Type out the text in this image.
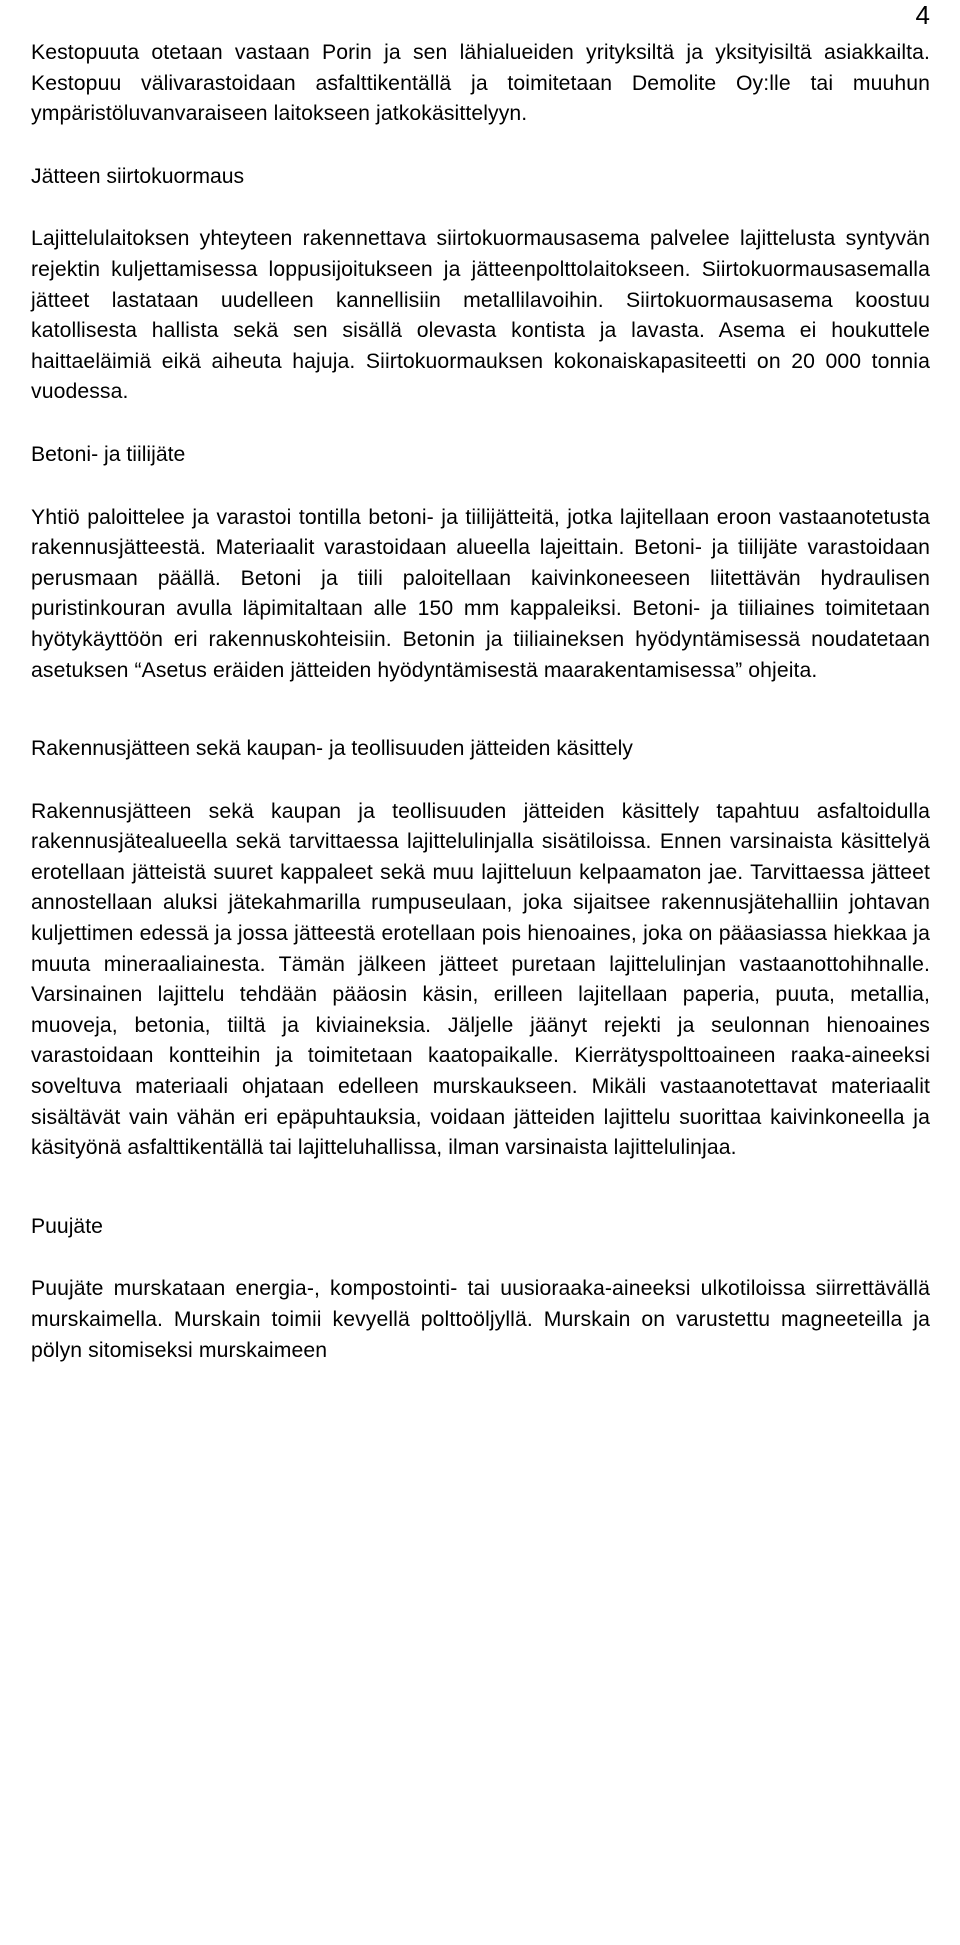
4

Kestopuuta otetaan vastaan Porin ja sen lähialueiden yrityksiltä ja yksityisiltä asiakkailta. Kestopuu välivarastoidaan asfalttikentällä ja toimitetaan Demolite Oy:lle tai muuhun ympäristöluvanvaraiseen laitokseen jatkokäsittelyyn.

Jätteen siirtokuormaus

Lajittelulaitoksen yhteyteen rakennettava siirtokuormausasema palvelee lajittelusta syntyvän rejektin kuljettamisessa loppusijoitukseen ja jätteenpolttolaitokseen. Siirtokuormausasemalla jätteet lastataan uudelleen kannellisiin metallilavoihin. Siirtokuormausasema koostuu katollisesta hallista sekä sen sisällä olevasta kontista ja lavasta. Asema ei houkuttele haittaeläimiä eikä aiheuta hajuja. Siirtokuormauksen kokonaiskapasiteetti on 20 000 tonnia vuodessa.

Betoni- ja tiilijäte

Yhtiö paloittelee ja varastoi tontilla betoni- ja tiilijätteitä, jotka lajitellaan eroon vastaanotetusta rakennusjätteestä. Materiaalit varastoidaan alueella lajeittain. Betoni- ja tiilijäte varastoidaan perusmaan päällä. Betoni ja tiili paloitellaan kaivinkoneeseen liitettävän hydraulisen puristinkouran avulla läpimitaltaan alle 150 mm kappaleiksi. Betoni- ja tiiliaines toimitetaan hyötykäyttöön eri rakennuskohteisiin. Betonin ja tiiliaineksen hyödyntämisessä noudatetaan asetuksen “Asetus eräiden jätteiden hyödyntämisestä maarakentamisessa” ohjeita.

Rakennusjätteen sekä kaupan- ja teollisuuden jätteiden käsittely

Rakennusjätteen sekä kaupan ja teollisuuden jätteiden käsittely tapahtuu asfaltoidulla rakennusjätealueella sekä tarvittaessa lajittelulinjalla sisätiloissa. Ennen varsinaista käsittelyä erotellaan jätteistä suuret kappaleet sekä muu lajitteluun kelpaamaton jae. Tarvittaessa jätteet annostellaan aluksi jätekahmarilla rumpuseulaan, joka sijaitsee rakennusjätehalliin johtavan kuljettimen edessä ja jossa jätteestä erotellaan pois hienoaines, joka on pääasiassa hiekkaa ja muuta mineraaliainesta. Tämän jälkeen jätteet puretaan lajittelulinjan vastaanottohihnalle. Varsinainen lajittelu tehdään pääosin käsin, erilleen lajitellaan paperia, puuta, metallia, muoveja, betonia, tiiltä ja kiviaineksia. Jäljelle jäänyt rejekti ja seulonnan hienoaines varastoidaan kontteihin ja toimitetaan kaatopaikalle. Kierrätyspolttoaineen raaka-aineeksi soveltuva materiaali ohjataan edelleen murskaukseen. Mikäli vastaanotettavat materiaalit sisältävät vain vähän eri epäpuhtauksia, voidaan jätteiden lajittelu suorittaa kaivinkoneella ja käsityönä asfalttikentällä tai lajitteluhallissa, ilman varsinaista lajittelulinjaa.

Puujäte

Puujäte murskataan energia-, kompostointi- tai uusioraaka-aineeksi ulkotiloissa siirrettävällä murskaimella. Murskain toimii kevyellä polttoöljyllä. Murskain on varustettu magneeteilla ja pölyn sitomiseksi murskaimeen
